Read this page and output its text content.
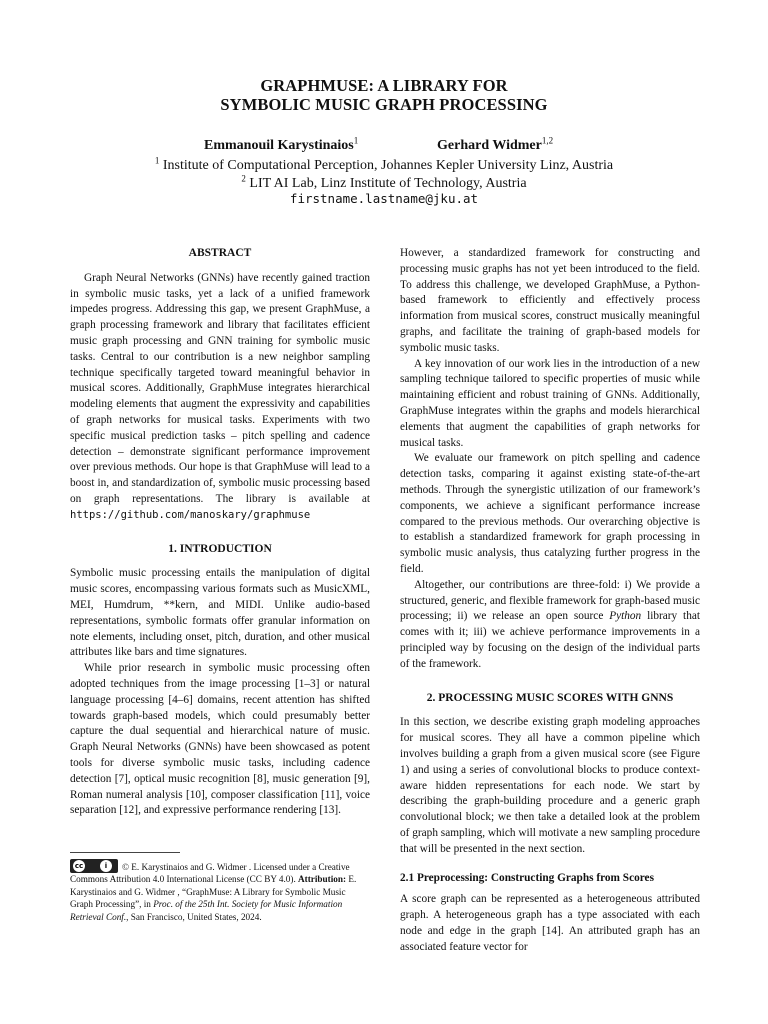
GRAPHMUSE: A LIBRARY FOR
SYMBOLIC MUSIC GRAPH PROCESSING
Emmanouil Karystinaios$^1$	Gerhard Widmer$^{1,2}$
$^1$ Institute of Computational Perception, Johannes Kepler University Linz, Austria
$^2$ LIT AI Lab, Linz Institute of Technology, Austria
firstname.lastname@jku.at
ABSTRACT

Graph Neural Networks (GNNs) have recently gained traction in symbolic music tasks, yet a lack of a unified framework impedes progress. Addressing this gap, we present GraphMuse, a graph processing framework and library that facilitates efficient music graph processing and GNN training for symbolic music tasks. Central to our contribution is a new neighbor sampling technique specifically targeted toward meaningful behavior in musical scores. Additionally, GraphMuse integrates hierarchical modeling elements that augment the expressivity and capabilities of graph networks for musical tasks. Experiments with two specific musical prediction tasks – pitch spelling and cadence detection – demonstrate significant performance improvement over previous methods. Our hope is that GraphMuse will lead to a boost in, and standardization of, symbolic music processing based on graph representations. The library is available at https://github.com/manoskary/graphmuse

1. INTRODUCTION

Symbolic music processing entails the manipulation of digital music scores, encompassing various formats such as MusicXML, MEI, Humdrum, **kern, and MIDI. Unlike audio-based representations, symbolic formats offer granular information on note elements, including onset, pitch, duration, and other musical attributes like bars and time signatures.

While prior research in symbolic music processing often adopted techniques from the image processing [1–3] or natural language processing [4–6] domains, recent attention has shifted towards graph-based models, which could presumably better capture the dual sequential and hierarchical nature of music. Graph Neural Networks (GNNs) have been showcased as potent tools for diverse symbolic music tasks, including cadence detection [7], optical music recognition [8], music generation [9], Roman numeral analysis [10], composer classification [11], voice separation [12], and expressive performance rendering [13].

cc	i	© E. Karystinaios and G. Widmer . Licensed under a Creative Commons Attribution 4.0 International License (CC BY 4.0). Attribution: E. Karystinaios and G. Widmer , “GraphMuse: A Library for Symbolic Music Graph Processing”, in Proc. of the 25th Int. Society for Music Information Retrieval Conf., San Francisco, United States, 2024.

However, a standardized framework for constructing and processing music graphs has not yet been introduced to the field. To address this challenge, we developed GraphMuse, a Python-based framework to efficiently and effectively process information from musical scores, construct musically meaningful graphs, and facilitate the training of graph-based models for symbolic music tasks.

A key innovation of our work lies in the introduction of a new sampling technique tailored to specific properties of music while maintaining efficient and robust training of GNNs. Additionally, GraphMuse integrates within the graphs and models hierarchical elements that augment the capabilities of graph networks for musical tasks.

We evaluate our framework on pitch spelling and cadence detection tasks, comparing it against existing state-of-the-art methods. Through the synergistic utilization of our framework’s components, we achieve a significant performance increase compared to the previous methods. Our overarching objective is to establish a standardized framework for graph processing in symbolic music analysis, thus catalyzing further progress in the field.

Altogether, our contributions are three-fold: i) We provide a structured, generic, and flexible framework for graph-based music processing; ii) we release an open source Python library that comes with it; iii) we achieve performance improvements in a principled way by focusing on the design of the individual parts of the framework.

2. PROCESSING MUSIC SCORES WITH GNNS

In this section, we describe existing graph modeling approaches for musical scores. They all have a common pipeline which involves building a graph from a given musical score (see Figure 1) and using a series of convolutional blocks to produce context-aware hidden representations for each node. We start by describing the graph-building procedure and a generic graph convolutional block; we then take a detailed look at the problem of graph sampling, which will motivate a new sampling procedure that will be presented in the next section.

2.1 Preprocessing: Constructing Graphs from Scores

A score graph can be represented as a heterogeneous attributed graph. A heterogeneous graph has a type associated with each node and edge in the graph [14]. An attributed graph has an associated feature vector for
